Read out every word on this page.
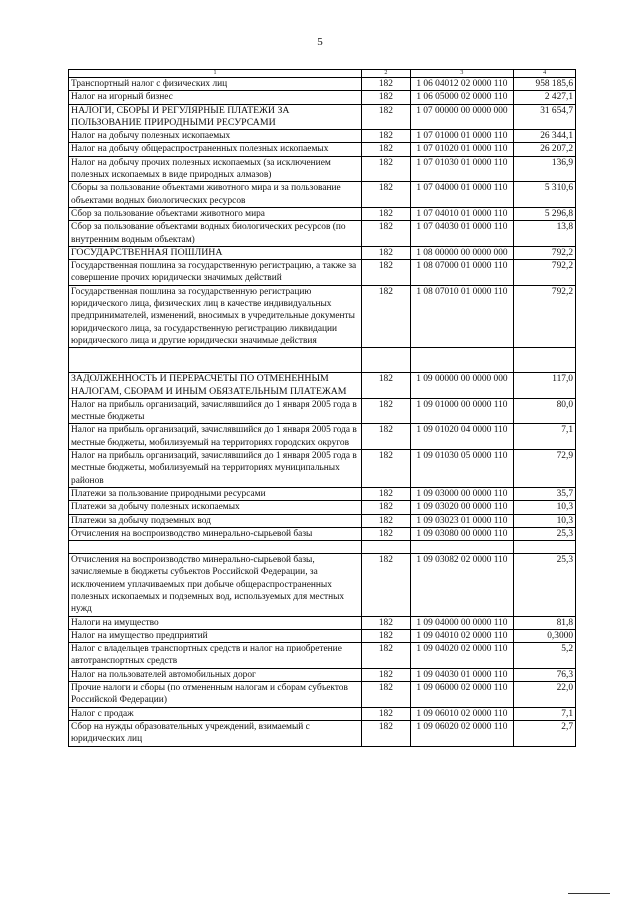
5
1	2	3	4
Транспортный налог с физических лиц	182	1 06 04012 02 0000 110	958 185,6
Налог на игорный бизнес	182	1 06 05000 02 0000 110	2 427,1
НАЛОГИ, СБОРЫ И РЕГУЛЯРНЫЕ ПЛАТЕЖИ ЗА ПОЛЬЗОВАНИЕ ПРИРОДНЫМИ РЕСУРСАМИ	182	1 07 00000 00 0000 000	31 654,7
Налог на добычу полезных ископаемых	182	1 07 01000 01 0000 110	26 344,1
Налог на добычу общераспространенных полезных ископаемых	182	1 07 01020 01 0000 110	26 207,2
Налог на добычу прочих полезных ископаемых (за исключением полезных ископаемых в виде природных алмазов)	182	1 07 01030 01 0000 110	136,9
Сборы за пользование объектами животного мира и за пользование объектами водных биологических ресурсов	182	1 07 04000 01 0000 110	5 310,6
Сбор за пользование объектами животного мира	182	1 07 04010 01 0000 110	5 296,8
Сбор за пользование объектами водных биологических ресурсов (по внутренним водным объектам)	182	1 07 04030 01 0000 110	13,8
ГОСУДАРСТВЕННАЯ ПОШЛИНА	182	1 08 00000 00 0000 000	792,2
Государственная пошлина за государственную регистрацию, а также за совершение прочих юридически значимых действий	182	1 08 07000 01 0000 110	792,2
Государственная пошлина за государственную регистрацию юридического лица, физических лиц в качестве индивидуальных предпринимателей, изменений, вносимых в учредительные документы юридического лица, за государственную регистрацию ликвидации юридического лица и другие юридически значимые действия	182	1 08 07010 01 0000 110	792,2

ЗАДОЛЖЕННОСТЬ И ПЕРЕРАСЧЕТЫ ПО ОТМЕНЕННЫМ НАЛОГАМ, СБОРАМ И ИНЫМ ОБЯЗАТЕЛЬНЫМ ПЛАТЕЖАМ	182	1 09 00000 00 0000 000	117,0
Налог на прибыль организаций, зачислявшийся до 1 января 2005 года в местные бюджеты	182	1 09 01000 00 0000 110	80,0
Налог на прибыль организаций, зачислявшийся до 1 января 2005 года в местные бюджеты, мобилизуемый на территориях городских округов	182	1 09 01020 04 0000 110	7,1
Налог на прибыль организаций, зачислявшийся до 1 января 2005 года в местные бюджеты, мобилизуемый на территориях муниципальных районов	182	1 09 01030 05 0000 110	72,9
Платежи за пользование природными ресурсами	182	1 09 03000 00 0000 110	35,7
Платежи за добычу полезных ископаемых	182	1 09 03020 00 0000 110	10,3
Платежи за добычу подземных вод	182	1 09 03023 01 0000 110	10,3
Отчисления на воспроизводство минерально-сырьевой базы	182	1 09 03080 00 0000 110	25,3

Отчисления на воспроизводство минерально-сырьевой базы, зачисляемые в бюджеты субъектов Российской Федерации, за исключением уплачиваемых при добыче общераспространенных полезных ископаемых и подземных вод, используемых для местных нужд	182	1 09 03082 02 0000 110	25,3
Налоги на имущество	182	1 09 04000 00 0000 110	81,8
Налог на имущество предприятий	182	1 09 04010 02 0000 110	0,3000
Налог с владельцев транспортных средств и налог на приобретение автотранспортных средств	182	1 09 04020 02 0000 110	5,2
Налог на пользователей автомобильных дорог	182	1 09 04030 01 0000 110	76,3
Прочие налоги и сборы (по отмененным налогам и сборам субъектов Российской Федерации)	182	1 09 06000 02 0000 110	22,0
Налог с продаж	182	1 09 06010 02 0000 110	7,1
Сбор на нужды образовательных учреждений, взимаемый с юридических лиц	182	1 09 06020 02 0000 110	2,7
